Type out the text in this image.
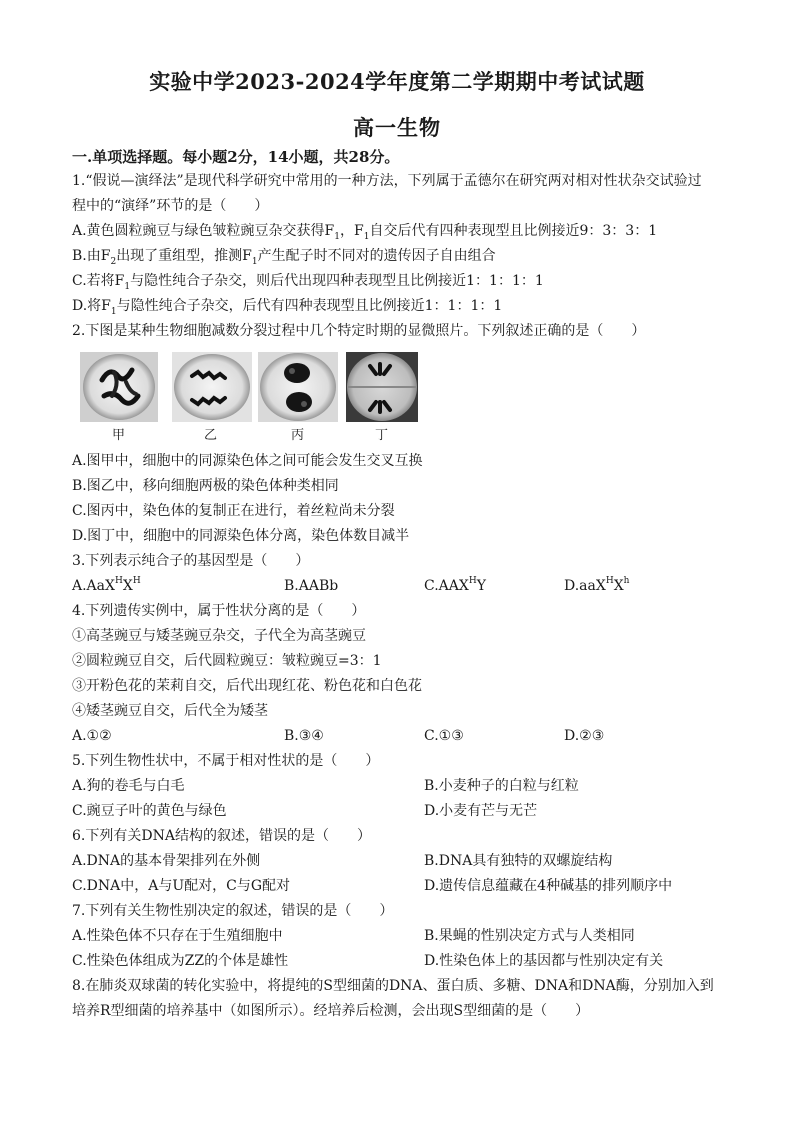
实验中学2023-2024学年度第二学期期中考试试题
高一生物
一.单项选择题。每小题2分，14小题，共28分。
1.“假说—演绎法”是现代科学研究中常用的一种方法，下列属于孟德尔在研究两对相对性状杂交试验过
程中的“演绎”环节的是（　　）
A.黄色圆粒豌豆与绿色皱粒豌豆杂交获得$F_1$，$F_1$自交后代有四种表现型且比例接近9：3：3：1
B.由$F_2$出现了重组型，推测$F_1$产生配子时不同对的遗传因子自由组合
C.若将$F_1$与隐性纯合子杂交，则后代出现四种表现型且比例接近1：1：1：1
D.将$F_1$与隐性纯合子杂交，后代有四种表现型且比例接近1：1：1：1
2.下图是某种生物细胞减数分裂过程中几个特定时期的显微照片。下列叙述正确的是（　　）
甲	乙	丙	丁
A.图甲中，细胞中的同源染色体之间可能会发生交叉互换
B.图乙中，移向细胞两极的染色体种类相同
C.图丙中，染色体的复制正在进行，着丝粒尚未分裂
D.图丁中，细胞中的同源染色体分离，染色体数目减半
3.下列表示纯合子的基因型是（　　）
$A.AaX^HX^H$	B.AABb	$C.AAX^HY$	$D.aaX^HX^h$
4.下列遗传实例中，属于性状分离的是（　　）
①高茎豌豆与矮茎豌豆杂交，子代全为高茎豌豆
②圆粒豌豆自交，后代圆粒豌豆：皱粒豌豆=3：1
③开粉色花的茉莉自交，后代出现红花、粉色花和白色花
④矮茎豌豆自交，后代全为矮茎
A.①②	B.③④	C.①③	D.②③
5.下列生物性状中，不属于相对性状的是（　　）
A.狗的卷毛与白毛	B.小麦种子的白粒与红粒
C.豌豆子叶的黄色与绿色	D.小麦有芒与无芒
6.下列有关DNA结构的叙述，错误的是（　　）
A.DNA的基本骨架排列在外侧	B.DNA具有独特的双螺旋结构
C.DNA中，A与U配对，C与G配对	D.遗传信息蕴藏在4种碱基的排列顺序中
7.下列有关生物性别决定的叙述，错误的是（　　）
A.性染色体不只存在于生殖细胞中	B.果蝇的性别决定方式与人类相同
C.性染色体组成为ZZ的个体是雄性	D.性染色体上的基因都与性别决定有关
8.在肺炎双球菌的转化实验中，将提纯的S型细菌的DNA、蛋白质、多糖、DNA和DNA酶，分别加入到
培养R型细菌的培养基中（如图所示）。经培养后检测，会出现S型细菌的是（　　）
